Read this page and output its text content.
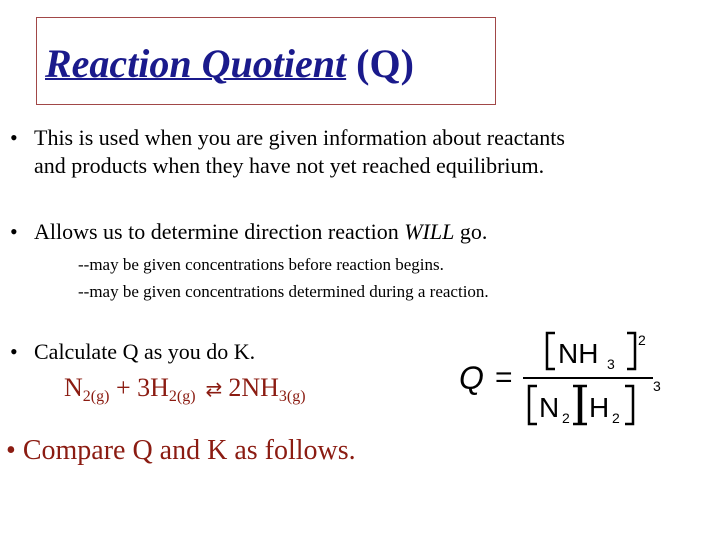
Reaction Quotient (Q)
• This is used when you are given information about reactants
and products when they have not yet reached equilibrium.
• Allows us to determine direction reaction WILL go.
--may be given concentrations before reaction begins.
--may be given concentrations determined during a reaction.
• Calculate Q as you do K.
$N_{2(g)} + 3H_{2(g)}$ ⇄ $2NH_{3(g)}$
Q =
NH 3
2
N 2 H 2
3
• Compare Q and K as follows.
